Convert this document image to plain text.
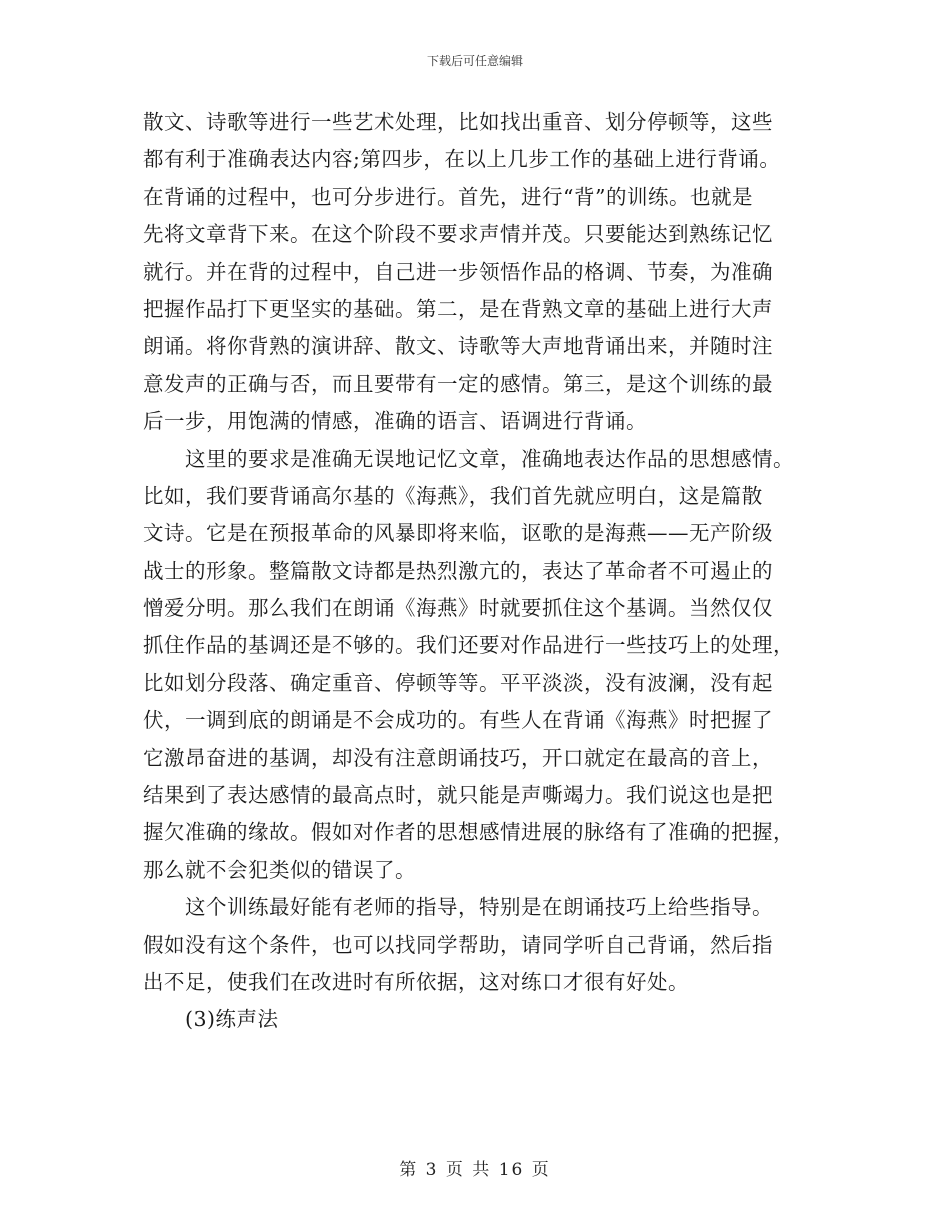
下载后可任意编辑
散文、诗歌等进行一些艺术处理，比如找出重音、划分停顿等，这些
都有利于准确表达内容;第四步，在以上几步工作的基础上进行背诵。
在背诵的过程中，也可分步进行。首先，进行“背”的训练。也就是
先将文章背下来。在这个阶段不要求声情并茂。只要能达到熟练记忆
就行。并在背的过程中，自己进一步领悟作品的格调、节奏，为准确
把握作品打下更坚实的基础。第二，是在背熟文章的基础上进行大声
朗诵。将你背熟的演讲辞、散文、诗歌等大声地背诵出来，并随时注
意发声的正确与否，而且要带有一定的感情。第三，是这个训练的最
后一步，用饱满的情感，准确的语言、语调进行背诵。
这里的要求是准确无误地记忆文章，准确地表达作品的思想感情。
比如，我们要背诵高尔基的《海燕》，我们首先就应明白，这是篇散
文诗。它是在预报革命的风暴即将来临，讴歌的是海燕——无产阶级
战士的形象。整篇散文诗都是热烈激亢的，表达了革命者不可遏止的
憎爱分明。那么我们在朗诵《海燕》时就要抓住这个基调。当然仅仅
抓住作品的基调还是不够的。我们还要对作品进行一些技巧上的处理，
比如划分段落、确定重音、停顿等等。平平淡淡，没有波澜，没有起
伏，一调到底的朗诵是不会成功的。有些人在背诵《海燕》时把握了
它激昂奋进的基调，却没有注意朗诵技巧，开口就定在最高的音上，
结果到了表达感情的最高点时，就只能是声嘶竭力。我们说这也是把
握欠准确的缘故。假如对作者的思想感情进展的脉络有了准确的把握，
那么就不会犯类似的错误了。
这个训练最好能有老师的指导，特别是在朗诵技巧上给些指导。
假如没有这个条件，也可以找同学帮助，请同学听自己背诵，然后指
出不足，使我们在改进时有所依据，这对练口才很有好处。
(3)练声法
第 3 页 共 16 页
